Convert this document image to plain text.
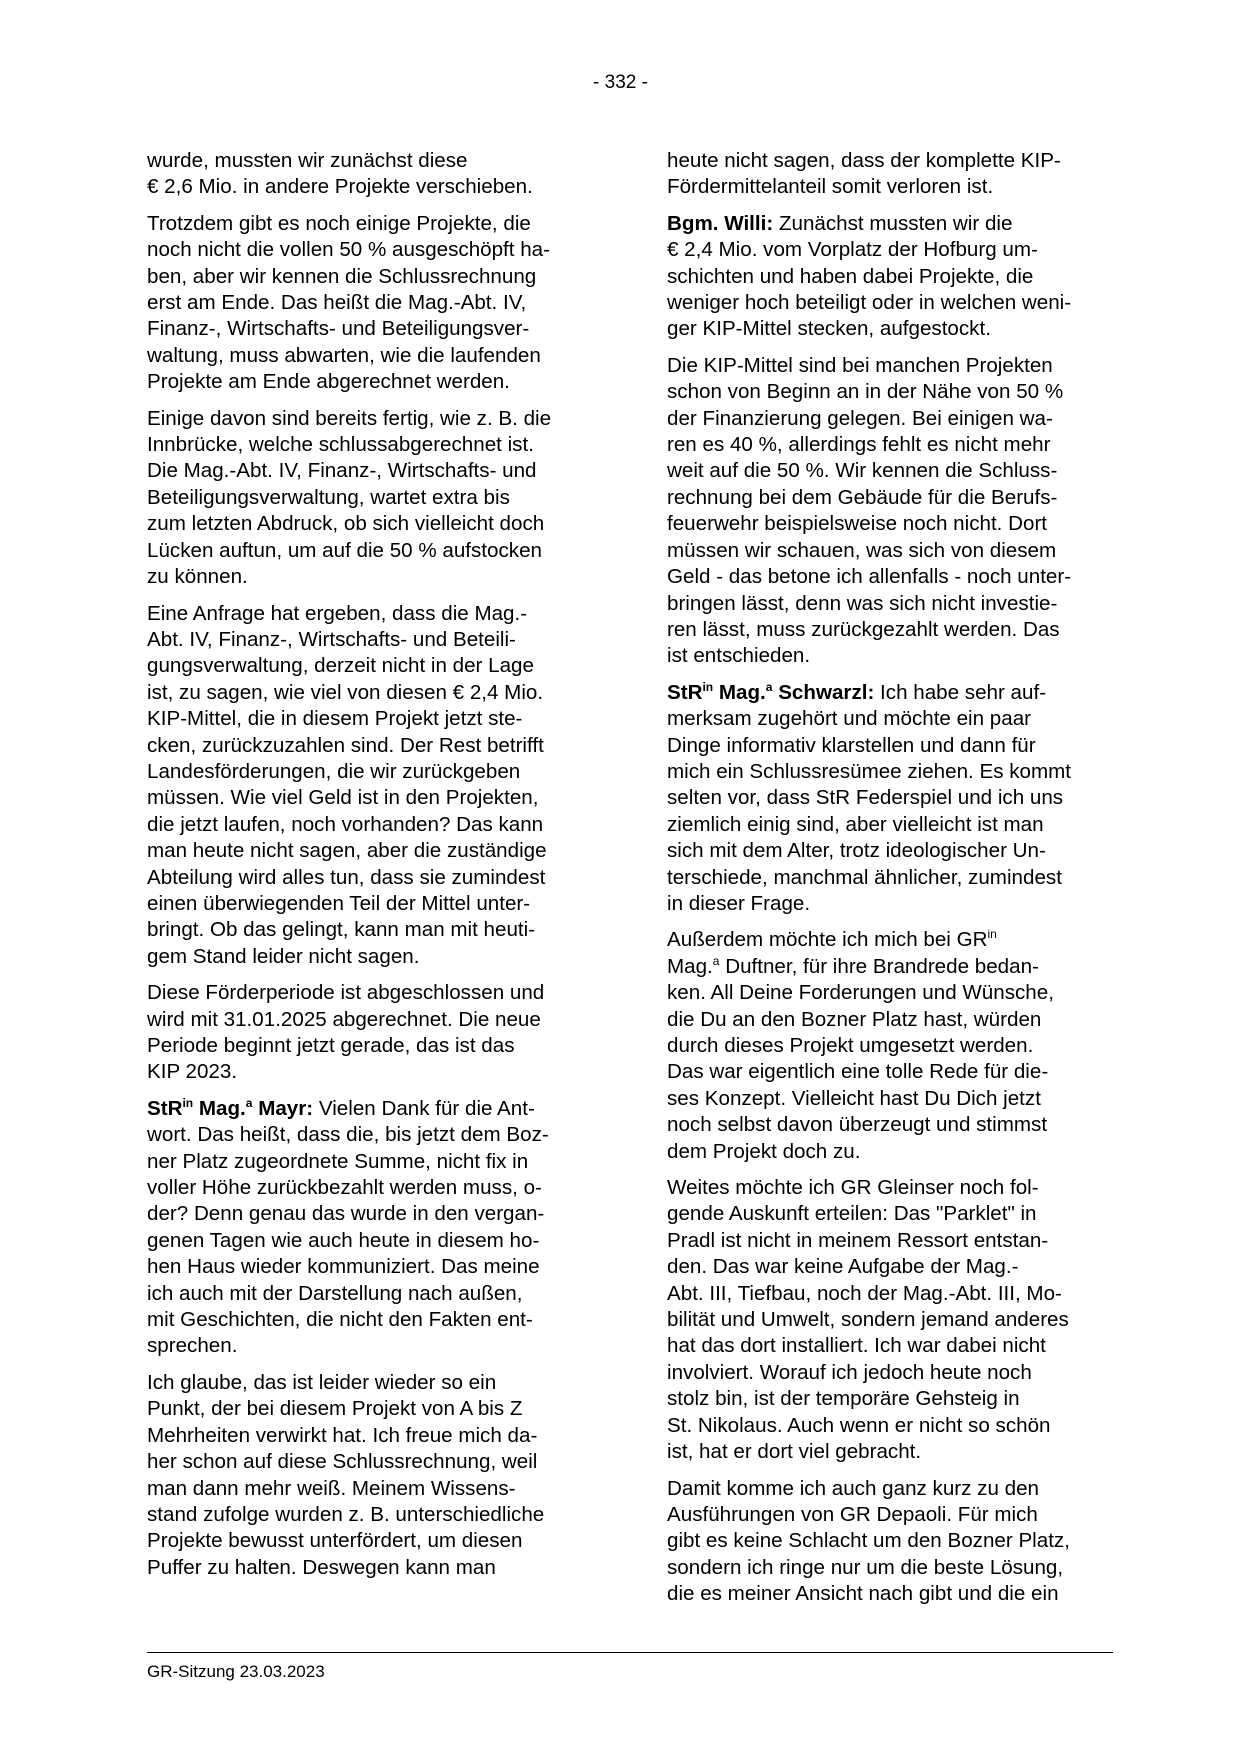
- 332 -

wurde, mussten wir zunächst diese
€ 2,6 Mio. in andere Projekte verschieben.

Trotzdem gibt es noch einige Projekte, die
noch nicht die vollen 50 % ausgeschöpft ha-
ben, aber wir kennen die Schlussrechnung
erst am Ende. Das heißt die Mag.-Abt. IV,
Finanz-, Wirtschafts- und Beteiligungsver-
waltung, muss abwarten, wie die laufenden
Projekte am Ende abgerechnet werden.

Einige davon sind bereits fertig, wie z. B. die
Innbrücke, welche schlussabgerechnet ist.
Die Mag.-Abt. IV, Finanz-, Wirtschafts- und
Beteiligungsverwaltung, wartet extra bis
zum letzten Abdruck, ob sich vielleicht doch
Lücken auftun, um auf die 50 % aufstocken
zu können.

Eine Anfrage hat ergeben, dass die Mag.-
Abt. IV, Finanz-, Wirtschafts- und Beteili-
gungsverwaltung, derzeit nicht in der Lage
ist, zu sagen, wie viel von diesen € 2,4 Mio.
KIP-Mittel, die in diesem Projekt jetzt ste-
cken, zurückzuzahlen sind. Der Rest betrifft
Landesförderungen, die wir zurückgeben
müssen. Wie viel Geld ist in den Projekten,
die jetzt laufen, noch vorhanden? Das kann
man heute nicht sagen, aber die zuständige
Abteilung wird alles tun, dass sie zumindest
einen überwiegenden Teil der Mittel unter-
bringt. Ob das gelingt, kann man mit heuti-
gem Stand leider nicht sagen.

Diese Förderperiode ist abgeschlossen und
wird mit 31.01.2025 abgerechnet. Die neue
Periode beginnt jetzt gerade, das ist das
KIP 2023.

StR$^{in}$ Mag.$^a$ Mayr: Vielen Dank für die Ant-
wort. Das heißt, dass die, bis jetzt dem Boz-
ner Platz zugeordnete Summe, nicht fix in
voller Höhe zurückbezahlt werden muss, o-
der? Denn genau das wurde in den vergan-
genen Tagen wie auch heute in diesem ho-
hen Haus wieder kommuniziert. Das meine
ich auch mit der Darstellung nach außen,
mit Geschichten, die nicht den Fakten ent-
sprechen.

Ich glaube, das ist leider wieder so ein
Punkt, der bei diesem Projekt von A bis Z
Mehrheiten verwirkt hat. Ich freue mich da-
her schon auf diese Schlussrechnung, weil
man dann mehr weiß. Meinem Wissens-
stand zufolge wurden z. B. unterschiedliche
Projekte bewusst unterfördert, um diesen
Puffer zu halten. Deswegen kann man

heute nicht sagen, dass der komplette KIP-
Fördermittelanteil somit verloren ist.

Bgm. Willi: Zunächst mussten wir die
€ 2,4 Mio. vom Vorplatz der Hofburg um-
schichten und haben dabei Projekte, die
weniger hoch beteiligt oder in welchen weni-
ger KIP-Mittel stecken, aufgestockt.

Die KIP-Mittel sind bei manchen Projekten
schon von Beginn an in der Nähe von 50 %
der Finanzierung gelegen. Bei einigen wa-
ren es 40 %, allerdings fehlt es nicht mehr
weit auf die 50 %. Wir kennen die Schluss-
rechnung bei dem Gebäude für die Berufs-
feuerwehr beispielsweise noch nicht. Dort
müssen wir schauen, was sich von diesem
Geld - das betone ich allenfalls - noch unter-
bringen lässt, denn was sich nicht investie-
ren lässt, muss zurückgezahlt werden. Das
ist entschieden.

StR$^{in}$ Mag.$^a$ Schwarzl: Ich habe sehr auf-
merksam zugehört und möchte ein paar
Dinge informativ klarstellen und dann für
mich ein Schlussresümee ziehen. Es kommt
selten vor, dass StR Federspiel und ich uns
ziemlich einig sind, aber vielleicht ist man
sich mit dem Alter, trotz ideologischer Un-
terschiede, manchmal ähnlicher, zumindest
in dieser Frage.

Außerdem möchte ich mich bei $GR^{in}$
Mag.$^a$ Duftner, für ihre Brandrede bedan-
ken. All Deine Forderungen und Wünsche,
die Du an den Bozner Platz hast, würden
durch dieses Projekt umgesetzt werden.
Das war eigentlich eine tolle Rede für die-
ses Konzept. Vielleicht hast Du Dich jetzt
noch selbst davon überzeugt und stimmst
dem Projekt doch zu.

Weites möchte ich GR Gleinser noch fol-
gende Auskunft erteilen: Das "Parklet" in
Pradl ist nicht in meinem Ressort entstan-
den. Das war keine Aufgabe der Mag.-
Abt. III, Tiefbau, noch der Mag.-Abt. III, Mo-
bilität und Umwelt, sondern jemand anderes
hat das dort installiert. Ich war dabei nicht
involviert. Worauf ich jedoch heute noch
stolz bin, ist der temporäre Gehsteig in
St. Nikolaus. Auch wenn er nicht so schön
ist, hat er dort viel gebracht.

Damit komme ich auch ganz kurz zu den
Ausführungen von GR Depaoli. Für mich
gibt es keine Schlacht um den Bozner Platz,
sondern ich ringe nur um die beste Lösung,
die es meiner Ansicht nach gibt und die ein

GR-Sitzung 23.03.2023
